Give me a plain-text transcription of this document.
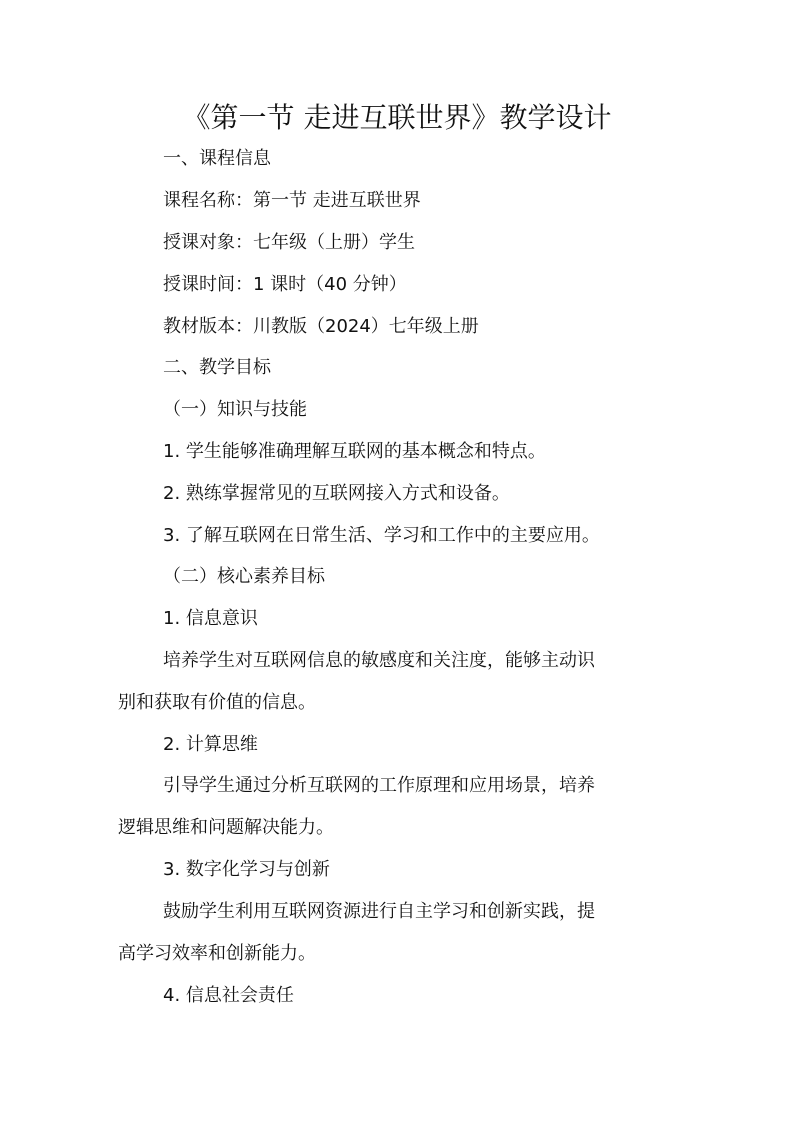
《第一节 走进互联世界》教学设计
一、课程信息
课程名称：第一节 走进互联世界
授课对象：七年级（上册）学生
授课时间：1 课时（40 分钟）
教材版本：川教版（2024）七年级上册
二、教学目标
（一）知识与技能
1. 学生能够准确理解互联网的基本概念和特点。
2. 熟练掌握常见的互联网接入方式和设备。
3. 了解互联网在日常生活、学习和工作中的主要应用。
（二）核心素养目标
1. 信息意识
培养学生对互联网信息的敏感度和关注度，能够主动识
别和获取有价值的信息。
2. 计算思维
引导学生通过分析互联网的工作原理和应用场景，培养
逻辑思维和问题解决能力。
3. 数字化学习与创新
鼓励学生利用互联网资源进行自主学习和创新实践，提
高学习效率和创新能力。
4. 信息社会责任
